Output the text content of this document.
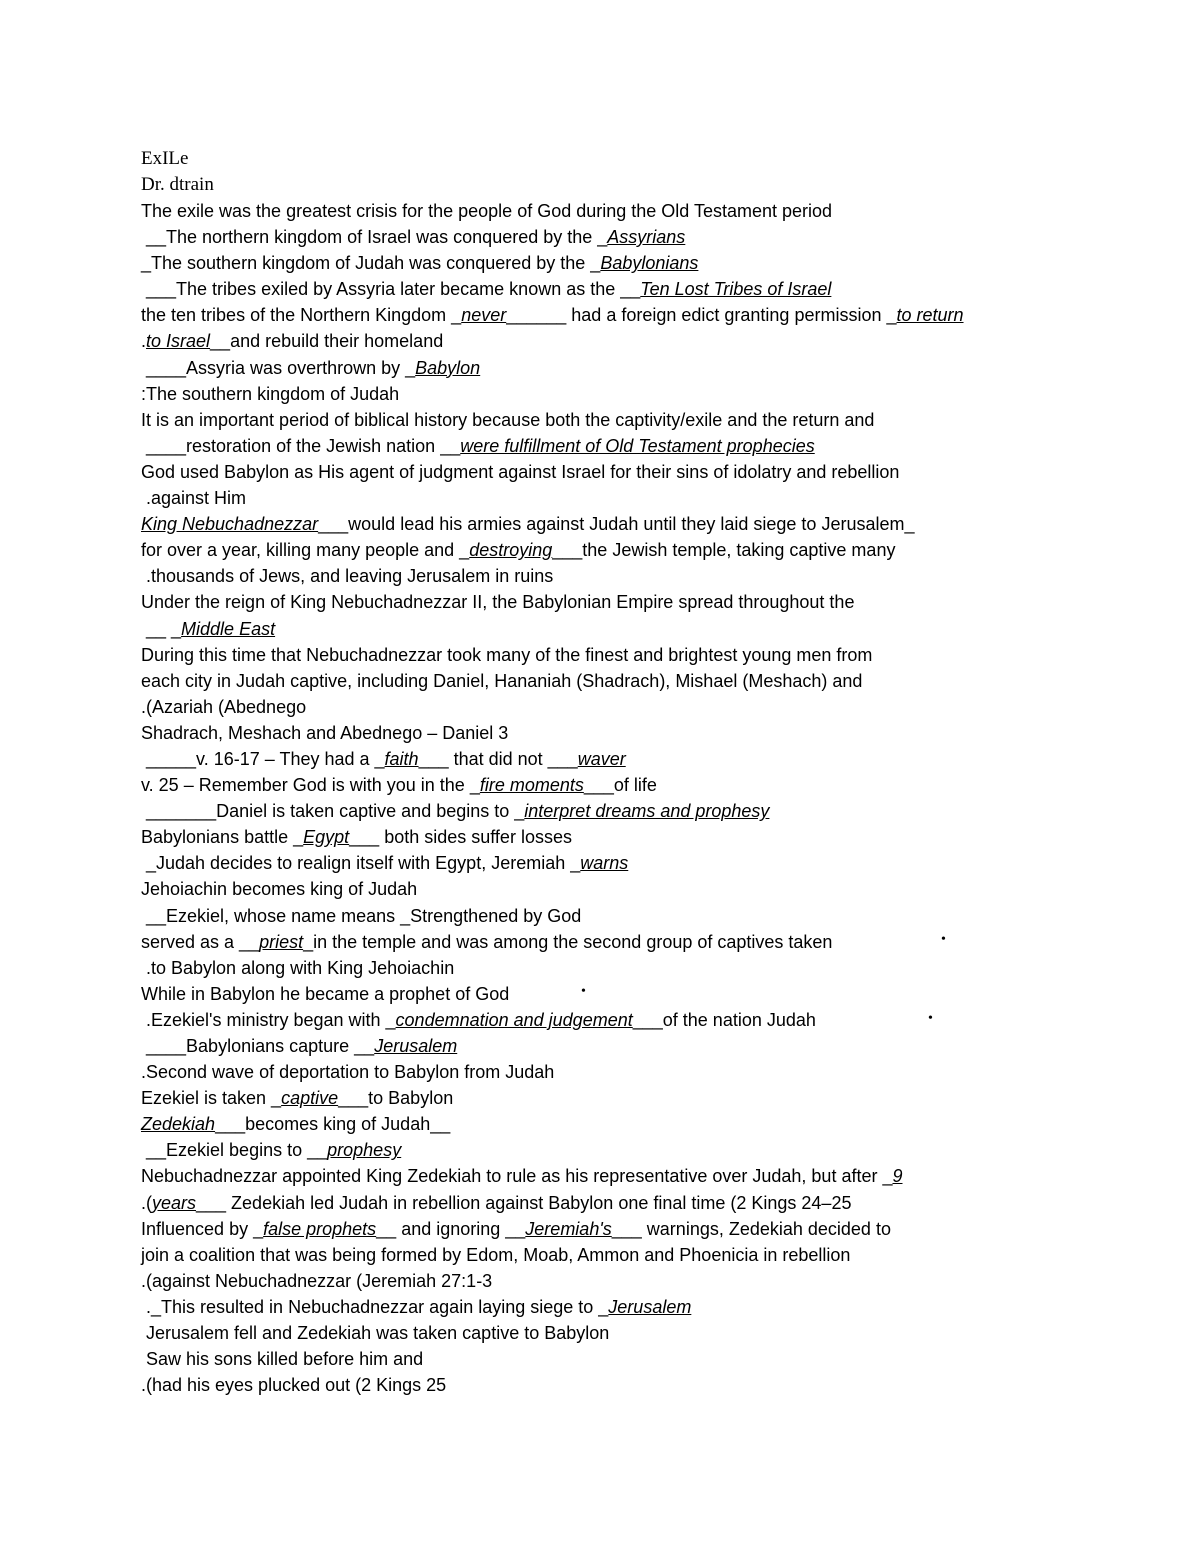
ExILe
Dr. dtrain
The exile was the greatest crisis for the people of God during the Old Testament period
__The northern kingdom of Israel was conquered by the _Assyrians
_The southern kingdom of Judah was conquered by the _Babylonians
___The tribes exiled by Assyria later became known as the __Ten Lost Tribes of Israel
the ten tribes of the Northern Kingdom _never______ had a foreign edict granting permission _to return
.to Israel__and rebuild their homeland
____Assyria was overthrown by _Babylon
:The southern kingdom of Judah
It is an important period of biblical history because both the captivity/exile and the return and
____restoration of the Jewish nation __were fulfillment of Old Testament prophecies
God used Babylon as His agent of judgment against Israel for their sins of idolatry and rebellion
.against Him
King Nebuchadnezzar___would lead his armies against Judah until they laid siege to Jerusalem_
for over a year, killing many people and _destroying___the Jewish temple, taking captive many
.thousands of Jews, and leaving Jerusalem in ruins
Under the reign of King Nebuchadnezzar II, the Babylonian Empire spread throughout the
__ _Middle East
During this time that Nebuchadnezzar took many of the finest and brightest young men from
each city in Judah captive, including Daniel, Hananiah (Shadrach), Mishael (Meshach) and
.(Azariah (Abednego
Shadrach, Meshach and Abednego – Daniel 3
_____v. 16-17 – They had a _faith___ that did not ___waver
v. 25 – Remember God is with you in the _fire moments___of life
_______Daniel is taken captive and begins to _interpret dreams and prophesy
Babylonians battle _Egypt___ both sides suffer losses
_Judah decides to realign itself with Egypt, Jeremiah _warns
Jehoiachin becomes king of Judah
__Ezekiel, whose name means _Strengthened by God
served as a __priest_in the temple and was among the second group of captives taken
.to Babylon along with King Jehoiachin
While in Babylon he became a prophet of God
.Ezekiel's ministry began with _condemnation and judgement___of the nation Judah
____Babylonians capture __Jerusalem
.Second wave of deportation to Babylon from Judah
Ezekiel is taken _captive___to Babylon
Zedekiah___becomes king of Judah__
__Ezekiel begins to __prophesy
Nebuchadnezzar appointed King Zedekiah to rule as his representative over Judah, but after _9
.(years___ Zedekiah led Judah in rebellion against Babylon one final time (2 Kings 24–25
Influenced by _false prophets__ and ignoring __Jeremiah's___ warnings, Zedekiah decided to
join a coalition that was being formed by Edom, Moab, Ammon and Phoenicia in rebellion
.(against Nebuchadnezzar (Jeremiah 27:1-3
._This resulted in Nebuchadnezzar again laying siege to _Jerusalem
Jerusalem fell and Zedekiah was taken captive to Babylon
Saw his sons killed before him and
.(had his eyes plucked out (2 Kings 25
•
•
•
